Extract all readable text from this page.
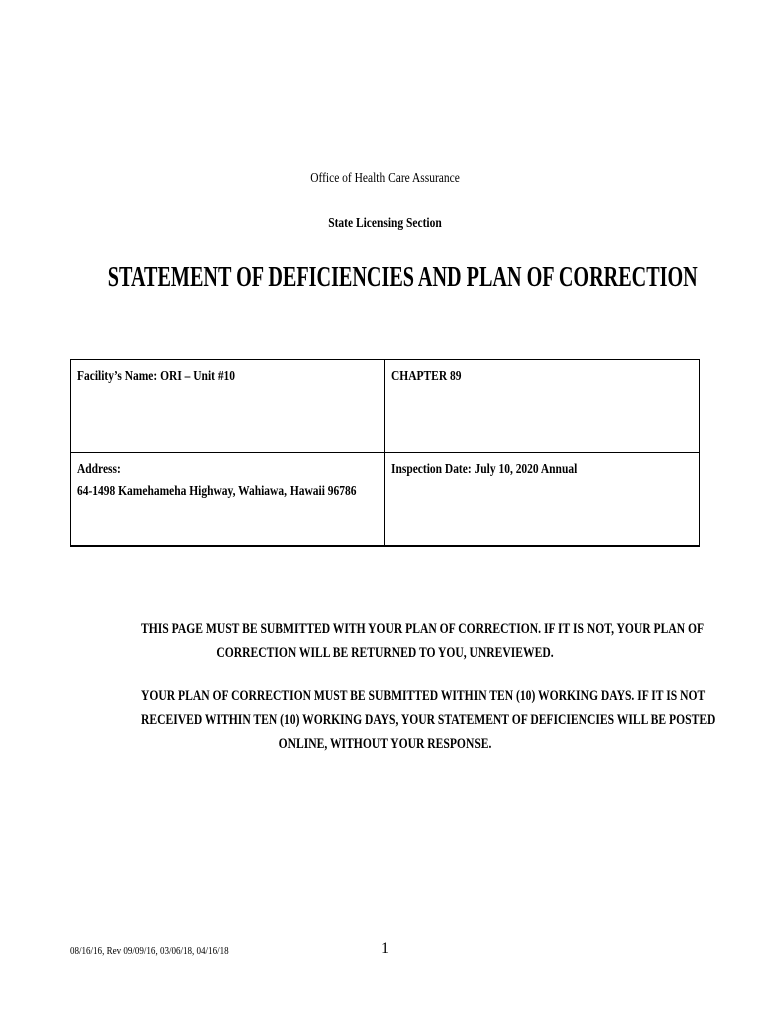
Office of Health Care Assurance
State Licensing Section
STATEMENT OF DEFICIENCIES AND PLAN OF CORRECTION
Facility’s Name: ORI – Unit #10	CHAPTER 89
Address:
64-1498 Kamehameha Highway, Wahiawa, Hawaii 96786
Inspection Date: July 10, 2020 Annual
THIS PAGE MUST BE SUBMITTED WITH YOUR PLAN OF CORRECTION. IF IT IS NOT, YOUR PLAN OF
CORRECTION WILL BE RETURNED TO YOU, UNREVIEWED.
YOUR PLAN OF CORRECTION MUST BE SUBMITTED WITHIN TEN (10) WORKING DAYS. IF IT IS NOT
RECEIVED WITHIN TEN (10) WORKING DAYS, YOUR STATEMENT OF DEFICIENCIES WILL BE POSTED
ONLINE, WITHOUT YOUR RESPONSE.
08/16/16, Rev 09/09/16, 03/06/18, 04/16/18	1
